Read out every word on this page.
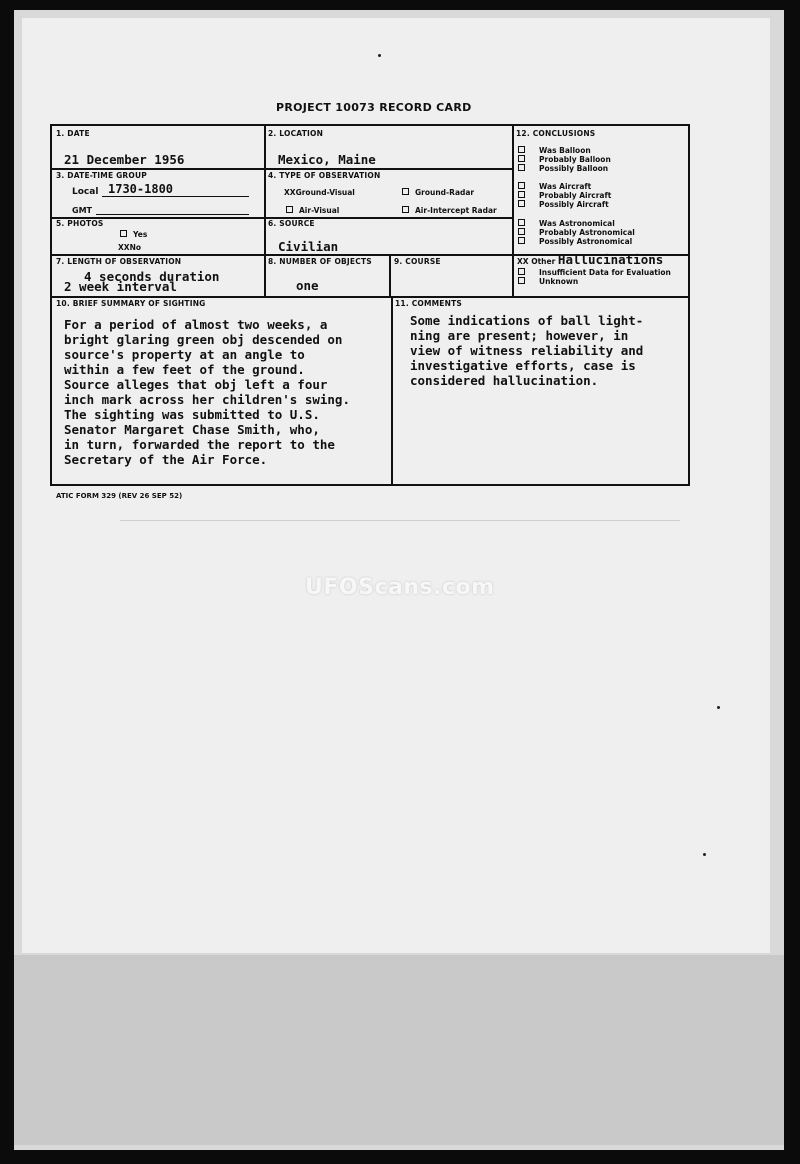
PROJECT 10073 RECORD CARD
1. DATE
21 December 1956
2. LOCATION
Mexico, Maine
3. DATE-TIME GROUP
Local 1730-1800
GMT
4. TYPE OF OBSERVATION
XXGround-Visual	Ground-Radar
Air-Visual	Air-Intercept Radar
5. PHOTOS
Yes
XXNo
6. SOURCE
Civilian
7. LENGTH OF OBSERVATION
4 seconds duration
2 week interval
8. NUMBER OF OBJECTS
one
9. COURSE
12. CONCLUSIONS
Was Balloon
Probably Balloon
Possibly Balloon
Was Aircraft
Probably Aircraft
Possibly Aircraft
Was Astronomical
Probably Astronomical
Possibly Astronomical
XX Other Hallucinations
Insufficient Data for Evaluation
Unknown
10. BRIEF SUMMARY OF SIGHTING
For a period of almost two weeks, a
bright glaring green obj descended on
source's property at an angle to
within a few feet of the ground.
Source alleges that obj left a four
inch mark across her children's swing.
The sighting was submitted to U.S.
Senator Margaret Chase Smith, who,
in turn, forwarded the report to the
Secretary of the Air Force.
11. COMMENTS
Some indications of ball light-
ning are present; however, in
view of witness reliability and
investigative efforts, case is
considered hallucination.
ATIC FORM 329 (REV 26 SEP 52)
UFOScans.com
